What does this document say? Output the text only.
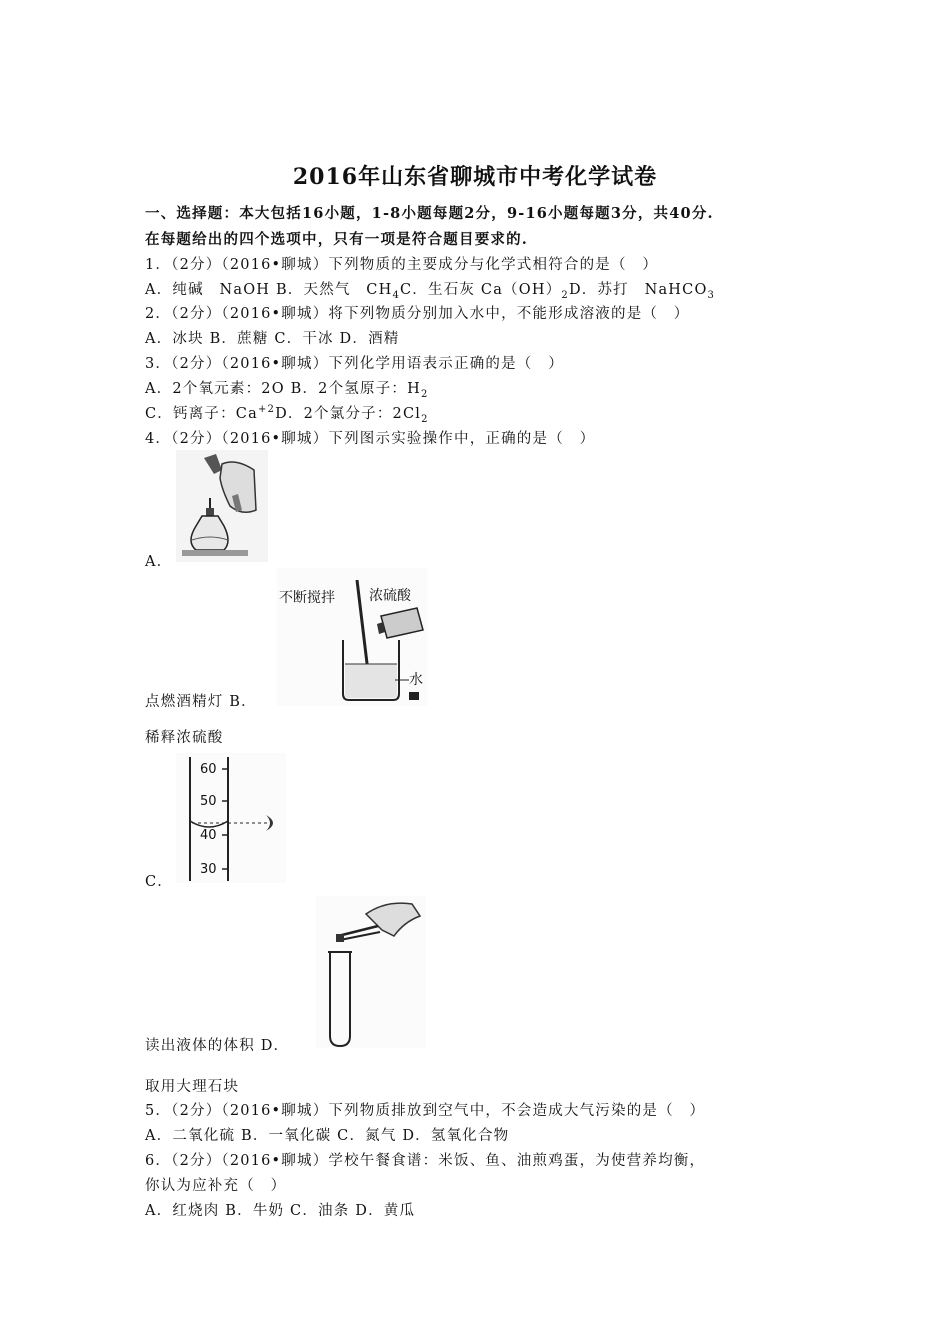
2016年山东省聊城市中考化学试卷
一、选择题：本大包括16小题，1-8小题每题2分，9-16小题每题3分，共40分.
在每题给出的四个选项中，只有一项是符合题目要求的.
1．（2分）（2016•聊城）下列物质的主要成分与化学式相符合的是（　）
A．纯碱　NaOH B．天然气　$CH_4C$．生石灰 $Ca(OH)_2D$．苏打　NaHCO$_3$
2．（2分）（2016•聊城）将下列物质分别加入水中，不能形成溶液的是（　）
A．冰块 B．蔗糖 C．干冰 D．酒精
3．（2分）（2016•聊城）下列化学用语表示正确的是（　）
A．2个氧元素：2O B．2个氢原子：$H_2$
C．钙离子：$Ca^{+2}D$．2个氯分子：$2Cl_2$
4．（2分）（2016•聊城）下列图示实验操作中，正确的是（　）
A．
不断搅拌 浓硫酸
水
点燃酒精灯 B．
稀释浓硫酸
60
50
40
30
C．
读出液体的体积 D．
取用大理石块
5．（2分）（2016•聊城）下列物质排放到空气中，不会造成大气污染的是（　）
A．二氧化硫 B．一氧化碳 C．氮气 D．氢氧化合物
6．（2分）（2016•聊城）学校午餐食谱：米饭、鱼、油煎鸡蛋，为使营养均衡，
你认为应补充（　）
A．红烧肉 B．牛奶 C．油条 D．黄瓜
